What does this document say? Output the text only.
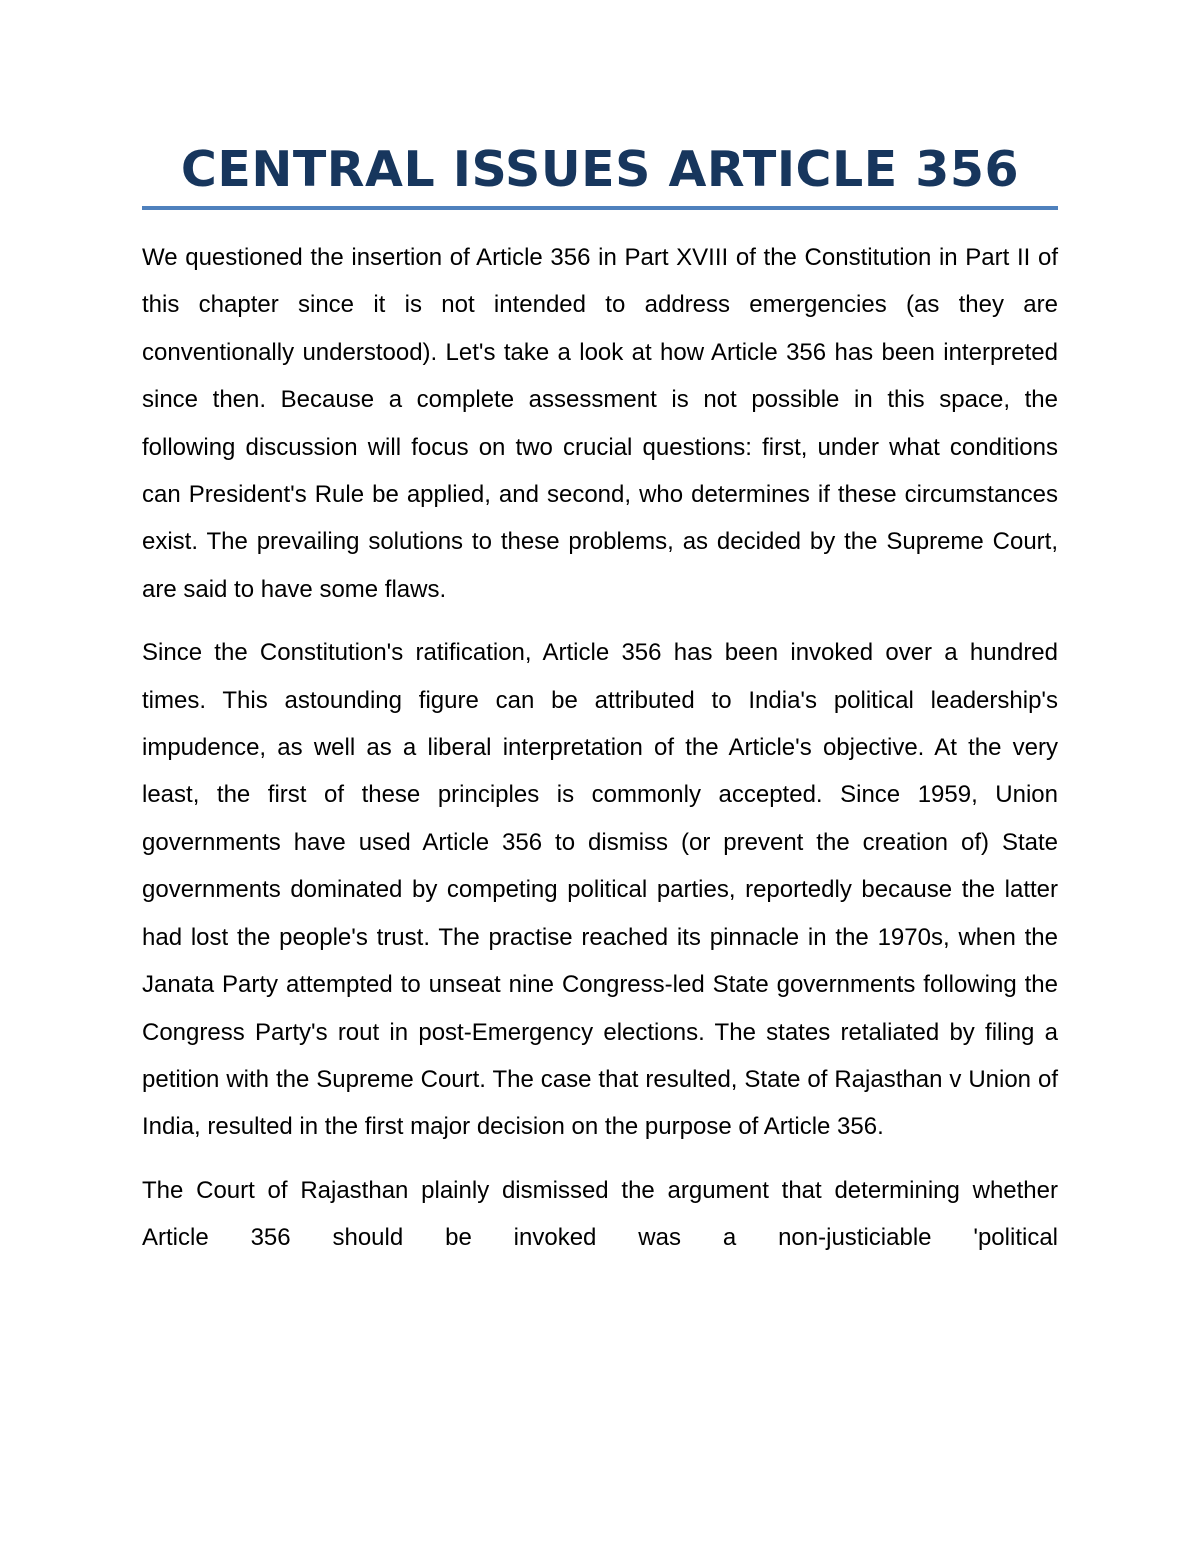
CENTRAL ISSUES ARTICLE 356

We questioned the insertion of Article 356 in Part XVIII of the Constitution in Part II of this chapter since it is not intended to address emergencies (as they are conventionally understood). Let's take a look at how Article 356 has been interpreted since then. Because a complete assessment is not possible in this space, the following discussion will focus on two crucial questions: first, under what conditions can President's Rule be applied, and second, who determines if these circumstances exist. The prevailing solutions to these problems, as decided by the Supreme Court, are said to have some flaws.

Since the Constitution's ratification, Article 356 has been invoked over a hundred times. This astounding figure can be attributed to India's political leadership's impudence, as well as a liberal interpretation of the Article's objective. At the very least, the first of these principles is commonly accepted. Since 1959, Union governments have used Article 356 to dismiss (or prevent the creation of) State governments dominated by competing political parties, reportedly because the latter had lost the people's trust. The practise reached its pinnacle in the 1970s, when the Janata Party attempted to unseat nine Congress-led State governments following the Congress Party's rout in post-Emergency elections. The states retaliated by filing a petition with the Supreme Court. The case that resulted, State of Rajasthan v Union of India, resulted in the first major decision on the purpose of Article 356.

The Court of Rajasthan plainly dismissed the argument that determining whether Article 356 should be invoked was a non-justiciable 'political
